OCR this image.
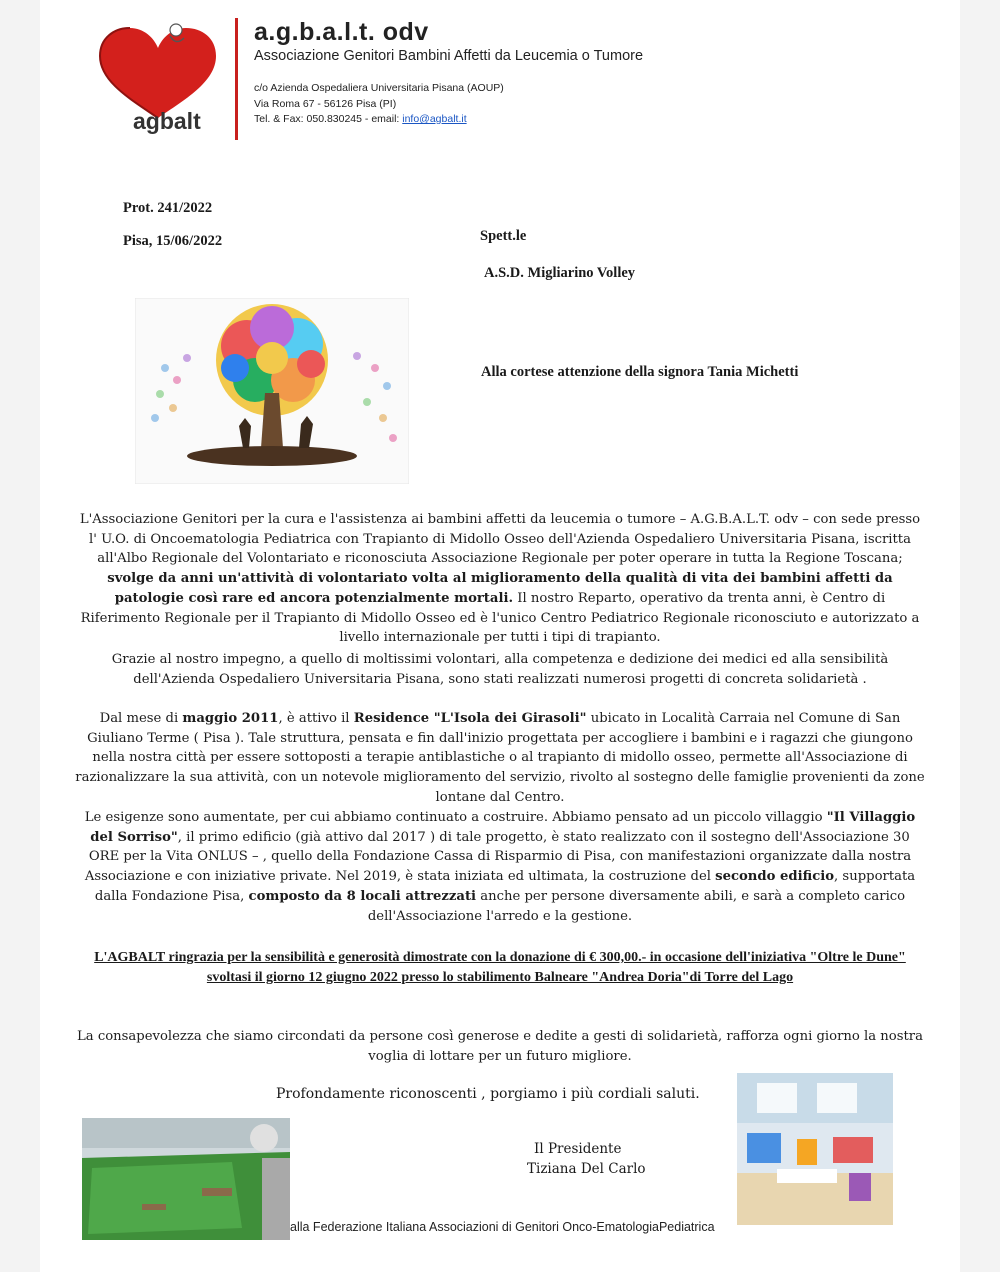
agbalt
a.g.b.a.l.t. odv
Associazione Genitori Bambini Affetti da Leucemia o Tumore
c/o Azienda Ospedaliera Universitaria Pisana (AOUP)
Via Roma 67 - 56126 Pisa (PI)
Tel. & Fax: 050.830245 - email: info@agbalt.it
Prot. 241/2022
Pisa, 15/06/2022	Spett.le
A.S.D. Migliarino Volley
Alla cortese attenzione della signora Tania Michetti
L'Associazione Genitori per la cura e l'assistenza ai bambini affetti da leucemia o tumore – A.G.B.A.L.T. odv – con sede presso l' U.O. di Oncoematologia Pediatrica con Trapianto di Midollo Osseo dell'Azienda Ospedaliero Universitaria Pisana, iscritta all'Albo Regionale del Volontariato e riconosciuta Associazione Regionale per poter operare in tutta la Regione Toscana; svolge da anni un'attività di volontariato volta al miglioramento della qualità di vita dei bambini affetti da patologie così rare ed ancora potenzialmente mortali. Il nostro Reparto, operativo da trenta anni, è Centro di Riferimento Regionale per il Trapianto di Midollo Osseo ed è l'unico Centro Pediatrico Regionale riconosciuto e autorizzato a livello internazionale per tutti i tipi di trapianto.
Grazie al nostro impegno, a quello di moltissimi volontari, alla competenza e dedizione dei medici ed alla sensibilità dell'Azienda Ospedaliero Universitaria Pisana, sono stati realizzati numerosi progetti di concreta solidarietà .
Dal mese di maggio 2011, è attivo il Residence "L'Isola dei Girasoli" ubicato in Località Carraia nel Comune di San Giuliano Terme ( Pisa ). Tale struttura, pensata e fin dall'inizio progettata per accogliere i bambini e i ragazzi che giungono nella nostra città per essere sottoposti a terapie antiblastiche o al trapianto di midollo osseo, permette all'Associazione di razionalizzare la sua attività, con un notevole miglioramento del servizio, rivolto al sostegno delle famiglie provenienti da zone lontane dal Centro.
Le esigenze sono aumentate, per cui abbiamo continuato a costruire. Abbiamo pensato ad un piccolo villaggio "Il Villaggio del Sorriso", il primo edificio (già attivo dal 2017 ) di tale progetto, è stato realizzato con il sostegno dell'Associazione 30 ORE per la Vita ONLUS – , quello della Fondazione Cassa di Risparmio di Pisa, con manifestazioni organizzate dalla nostra Associazione e con iniziative private. Nel 2019, è stata iniziata ed ultimata, la costruzione del secondo edificio, supportata dalla Fondazione Pisa, composto da 8 locali attrezzati anche per persone diversamente abili, e sarà a completo carico dell'Associazione l'arredo e la gestione.
L'AGBALT ringrazia per la sensibilità e generosità dimostrate con la donazione di € 300,00.- in occasione dell'iniziativa "Oltre le Dune" svoltasi il giorno 12 giugno 2022 presso lo stabilimento Balneare "Andrea Doria"di Torre del Lago
La consapevolezza che siamo circondati da persone così generose e dedite a gesti di solidarietà, rafforza ogni giorno la nostra voglia di lottare per un futuro migliore.
Profondamente riconoscenti , porgiamo i più cordiali saluti.
Il Presidente
Tiziana Del Carlo
alla Federazione Italiana Associazioni di Genitori Onco-EmatologiaPediatrica
